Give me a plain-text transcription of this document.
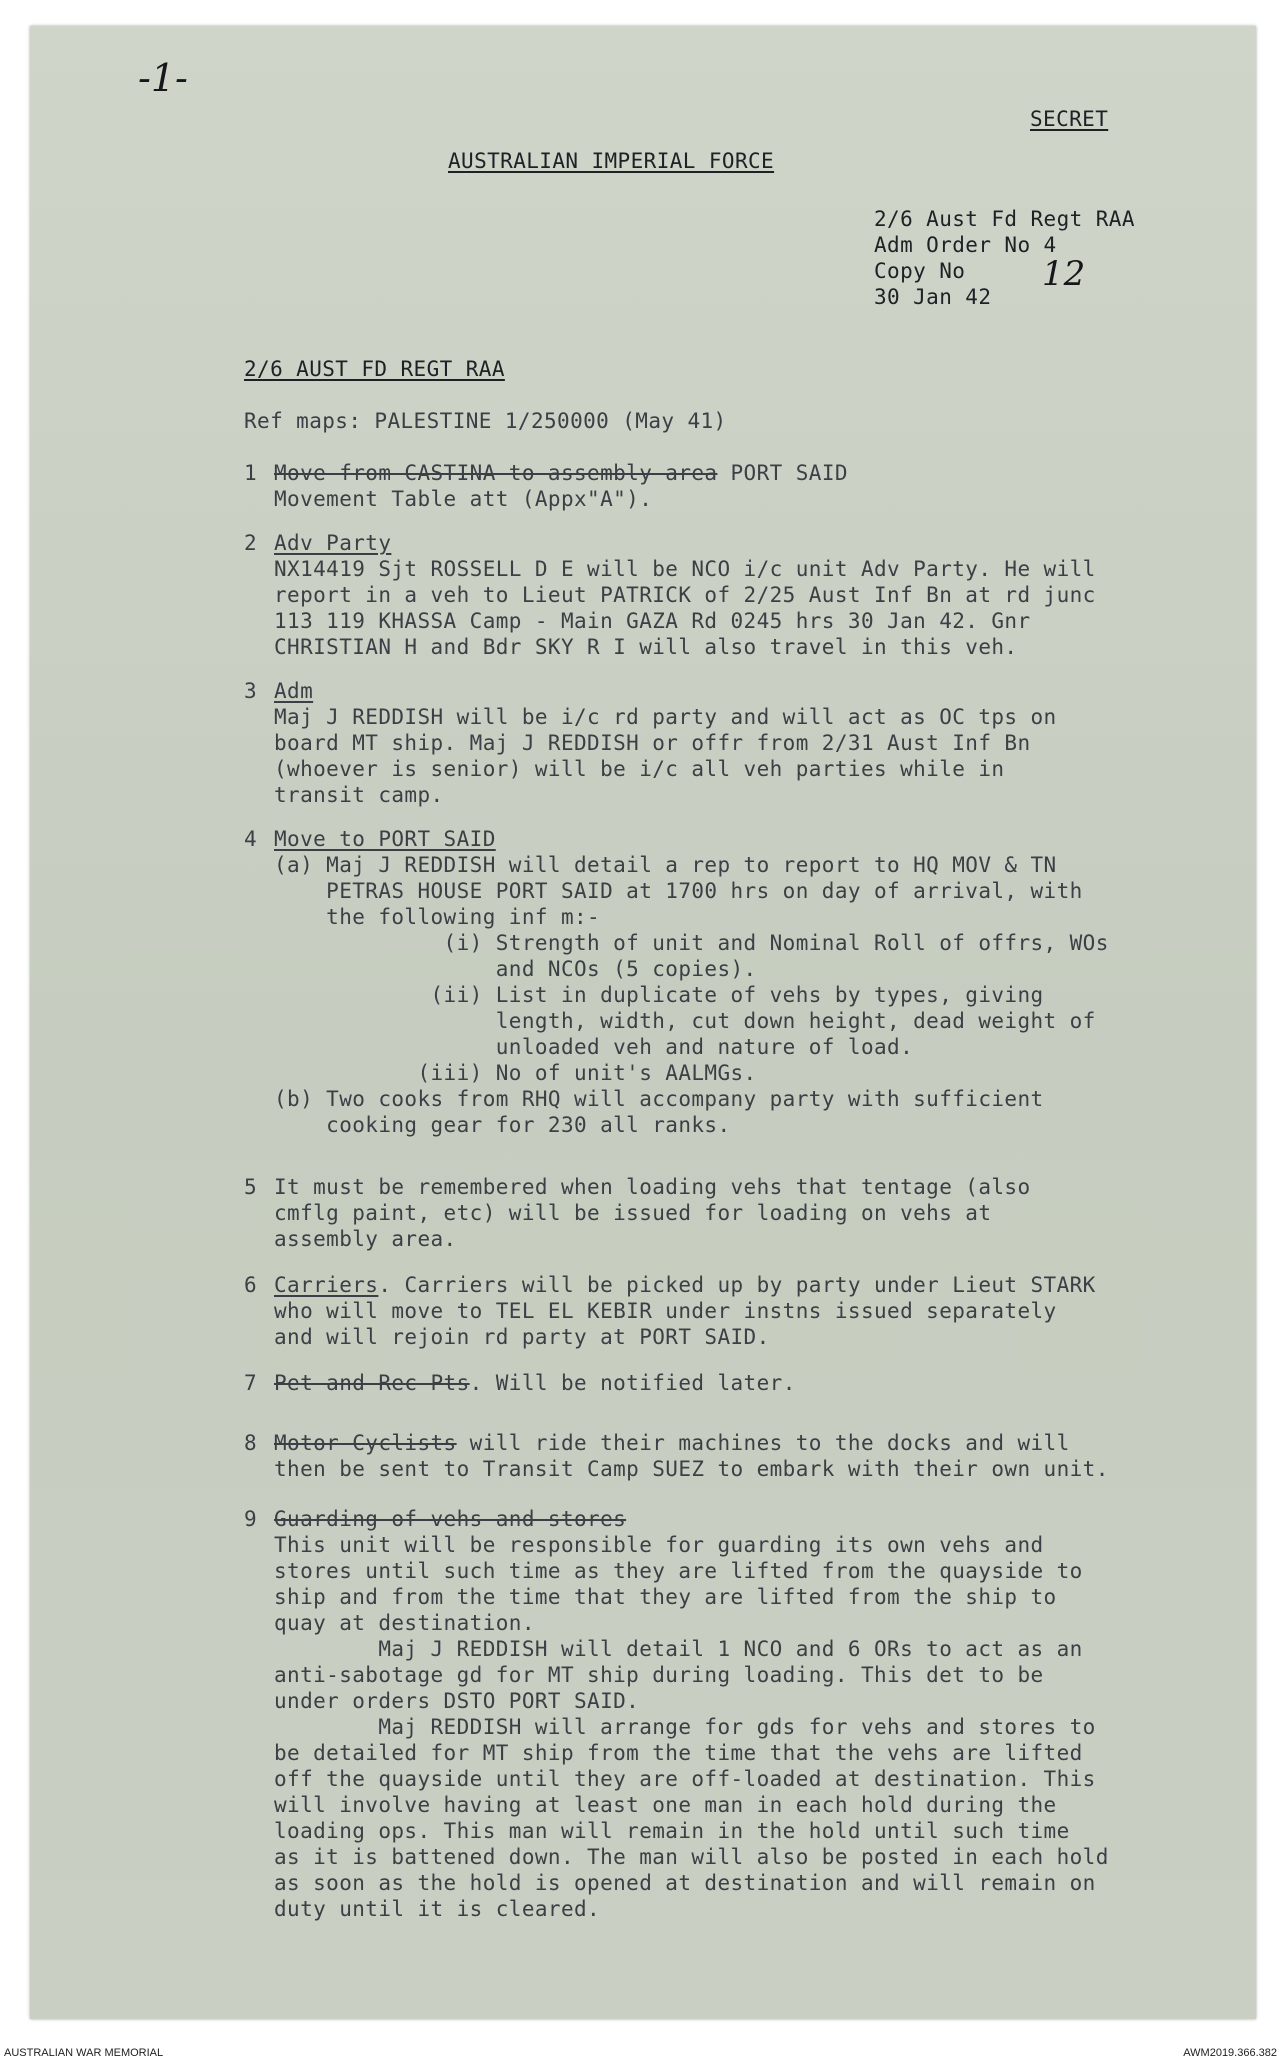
-1-
SECRET
AUSTRALIAN IMPERIAL FORCE
2/6 Aust Fd Regt RAA
Adm Order No 4
Copy No
30 Jan 42
12
2/6 AUST FD REGT RAA
Ref maps: PALESTINE 1/250000 (May 41)
1 Move from CASTINA to assembly area PORT SAID
Movement Table att (Appx"A").
2 Adv Party
NX14419 Sjt ROSSELL D E will be NCO i/c unit Adv Party. He will
report in a veh to Lieut PATRICK of 2/25 Aust Inf Bn at rd junc
113 119 KHASSA Camp - Main GAZA Rd 0245 hrs 30 Jan 42. Gnr
CHRISTIAN H and Bdr SKY R I will also travel in this veh.
3 Adm
Maj J REDDISH will be i/c rd party and will act as OC tps on
board MT ship. Maj J REDDISH or offr from 2/31 Aust Inf Bn
(whoever is senior) will be i/c all veh parties while in
transit camp.
4 Move to PORT SAID
(a) Maj J REDDISH will detail a rep to report to HQ MOV & TN
PETRAS HOUSE PORT SAID at 1700 hrs on day of arrival, with
the following inf m:-
(i) Strength of unit and Nominal Roll of offrs, WOs
and NCOs (5 copies).
(ii) List in duplicate of vehs by types, giving
length, width, cut down height, dead weight of
unloaded veh and nature of load.
(iii) No of unit's AALMGs.
(b) Two cooks from RHQ will accompany party with sufficient
cooking gear for 230 all ranks.
5 It must be remembered when loading vehs that tentage (also
cmflg paint, etc) will be issued for loading on vehs at
assembly area.
6 Carriers. Carriers will be picked up by party under Lieut STARK
who will move to TEL EL KEBIR under instns issued separately
and will rejoin rd party at PORT SAID.
7 Pet and Rec Pts. Will be notified later.
8 Motor Cyclists will ride their machines to the docks and will
then be sent to Transit Camp SUEZ to embark with their own unit.
9 Guarding of vehs and stores
This unit will be responsible for guarding its own vehs and
stores until such time as they are lifted from the quayside to
ship and from the time that they are lifted from the ship to
quay at destination.
Maj J REDDISH will detail 1 NCO and 6 ORs to act as an
anti-sabotage gd for MT ship during loading. This det to be
under orders DSTO PORT SAID.
Maj REDDISH will arrange for gds for vehs and stores to
be detailed for MT ship from the time that the vehs are lifted
off the quayside until they are off-loaded at destination. This
will involve having at least one man in each hold during the
loading ops. This man will remain in the hold until such time
as it is battened down. The man will also be posted in each hold
as soon as the hold is opened at destination and will remain on
duty until it is cleared.
AUSTRALIAN WAR MEMORIAL	AWM2019.366.382
